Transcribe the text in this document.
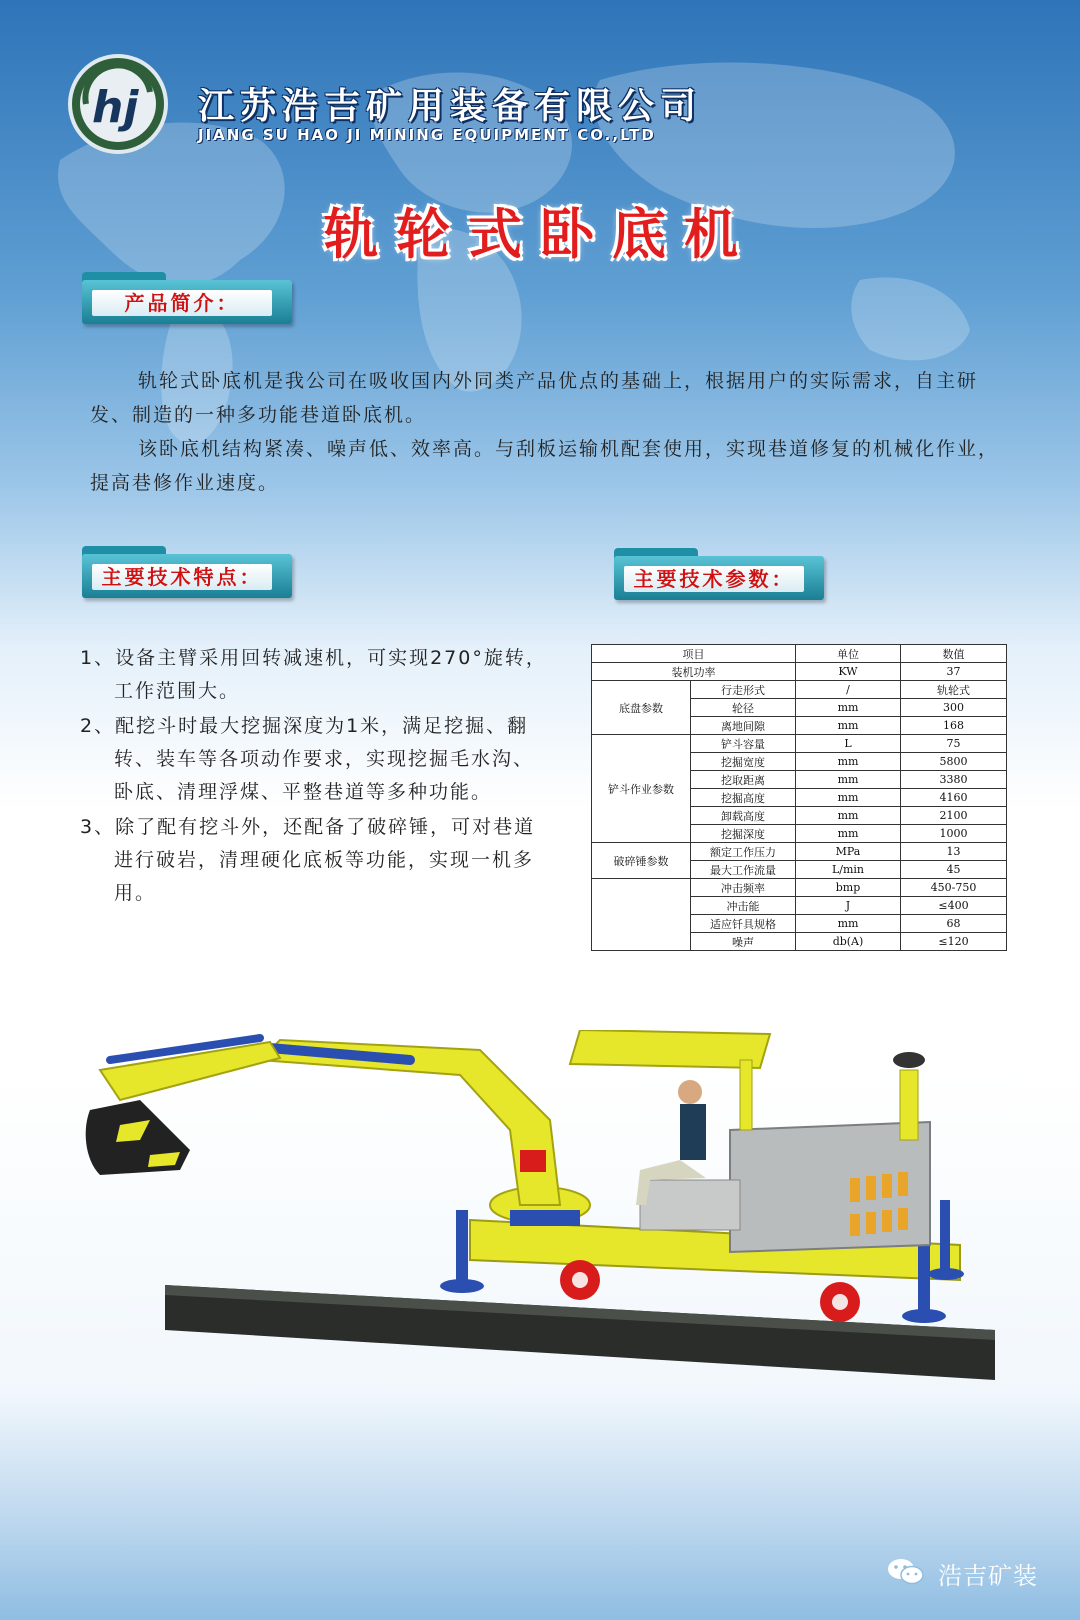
hj 江苏浩吉矿用装备有限公司
JIANG SU HAO JI MINING EQUIPMENT CO.,LTD
轨轮式卧底机
产品简介：

轨轮式卧底机是我公司在吸收国内外同类产品优点的基础上，根据用户的实际需求，自主研发、制造的一种多功能巷道卧底机。

该卧底机结构紧凑、噪声低、效率高。与刮板运输机配套使用，实现巷道修复的机械化作业，提高巷修作业速度。

主要技术特点：	主要技术参数：

1、设备主臂采用回转减速机，可实现270°旋转，工作范围大。

2、配挖斗时最大挖掘深度为1米，满足挖掘、翻转、装车等各项动作要求，实现挖掘毛水沟、卧底、清理浮煤、平整巷道等多种功能。

3、除了配有挖斗外，还配备了破碎锤，可对巷道进行破岩，清理硬化底板等功能，实现一机多用。

项目		单位	数值
装机功率		KW	37
底盘参数	行走形式	/	轨轮式
	轮径	mm	300
	离地间隙	mm	168
铲斗作业参数	铲斗容量	L	75
	挖掘宽度	mm	5800
	挖取距离	mm	3380
	挖掘高度	mm	4160
	卸载高度	mm	2100
	挖掘深度	mm	1000
破碎锤参数	额定工作压力	MPa	13
	最大工作流量	L/min	45
	冲击频率	bmp	450-750
	冲击能	J	≤400
	适应钎具规格	mm	68
	噪声	db(A)	≤120
浩吉矿装
